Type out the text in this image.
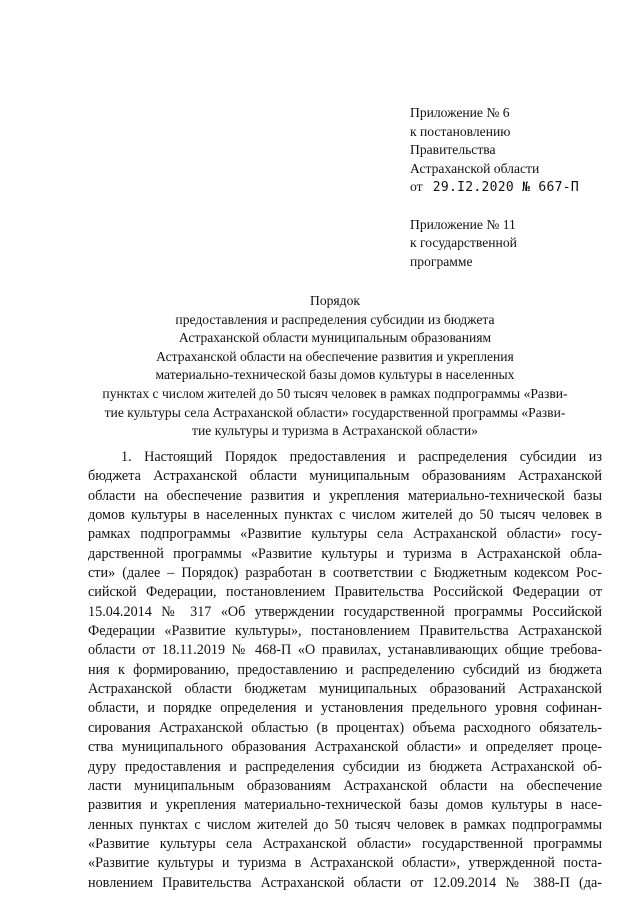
Приложение № 6
к постановлению
Правительства
Астраханской области
от 29.I2.2020 № 667-П
Приложение № 11
к государственной
программе
Порядок
предоставления и распределения субсидии из бюджета
Астраханской области муниципальным образованиям
Астраханской области на обеспечение развития и укрепления
материально-технической базы домов культуры в населенных
пунктах с числом жителей до 50 тысяч человек в рамках подпрограммы «Разви-
тие культуры села Астраханской области» государственной программы «Разви-
тие культуры и туризма в Астраханской области»
1. Настоящий Порядок предоставления и распределения субсидии из
бюджета Астраханской области муниципальным образованиям Астраханской
области на обеспечение развития и укрепления материально-технической базы
домов культуры в населенных пунктах с числом жителей до 50 тысяч человек в
рамках подпрограммы «Развитие культуры села Астраханской области» госу-
дарственной программы «Развитие культуры и туризма в Астраханской обла-
сти» (далее – Порядок) разработан в соответствии с Бюджетным кодексом Рос-
сийской Федерации, постановлением Правительства Российской Федерации от
15.04.2014 № 317 «Об утверждении государственной программы Российской
Федерации «Развитие культуры», постановлением Правительства Астраханской
области от 18.11.2019 № 468-П «О правилах, устанавливающих общие требова-
ния к формированию, предоставлению и распределению субсидий из бюджета
Астраханской области бюджетам муниципальных образований Астраханской
области, и порядке определения и установления предельного уровня софинан-
сирования Астраханской областью (в процентах) объема расходного обязатель-
ства муниципального образования Астраханской области» и определяет проце-
дуру предоставления и распределения субсидии из бюджета Астраханской об-
ласти муниципальным образованиям Астраханской области на обеспечение
развития и укрепления материально-технической базы домов культуры в насе-
ленных пунктах с числом жителей до 50 тысяч человек в рамках подпрограммы
«Развитие культуры села Астраханской области» государственной программы
«Развитие культуры и туризма в Астраханской области», утвержденной поста-
новлением Правительства Астраханской области от 12.09.2014 № 388-П (да-
